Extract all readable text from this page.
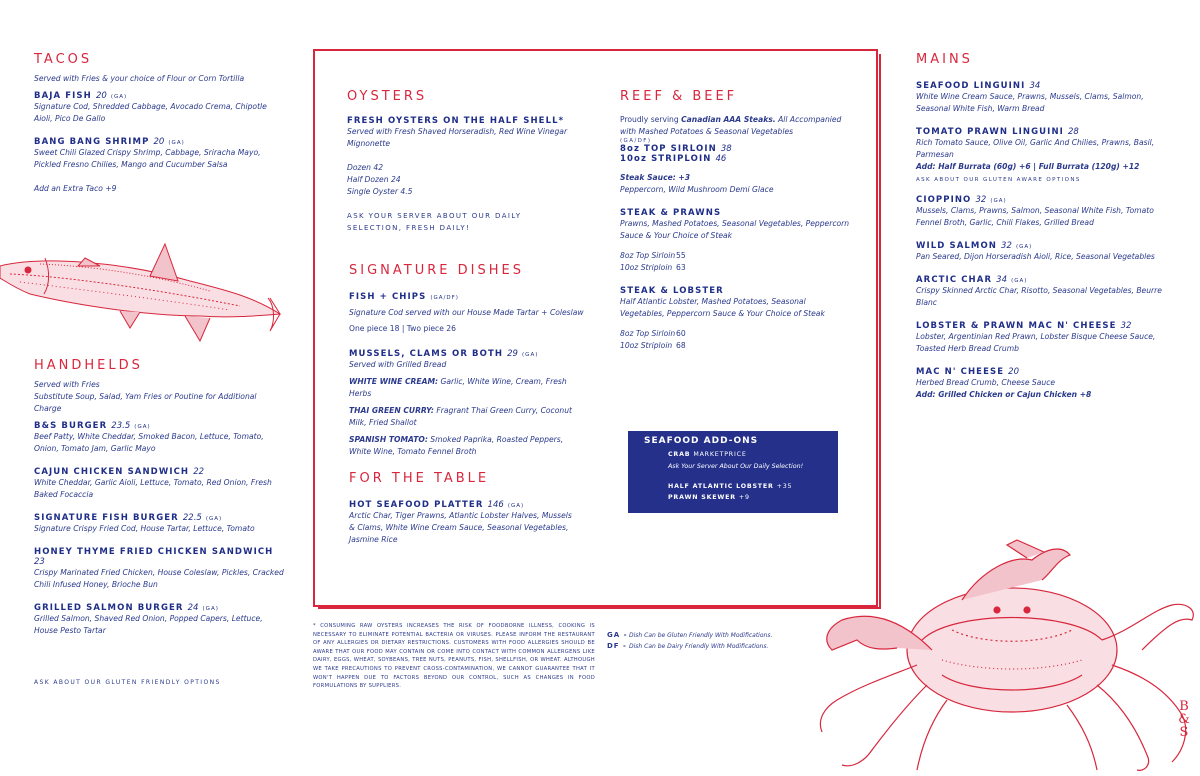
TACOS
Served with Fries & your choice of Flour or Corn Tortilla
BAJA FISH 20 (GA)
Signature Cod, Shredded Cabbage, Avocado Crema, Chipotle Aioli, Pico De Gallo
BANG BANG SHRIMP 20 (GA)
Sweet Chili Glazed Crispy Shrimp, Cabbage, Sriracha Mayo, Pickled Fresno Chilies, Mango and Cucumber Salsa
Add an Extra Taco +9
HANDHELDS
Served with Fries
Substitute Soup, Salad, Yam Fries or Poutine for Additional Charge
B&S BURGER 23.5 (GA)
Beef Patty, White Cheddar, Smoked Bacon, Lettuce, Tomato, Onion, Tomato Jam, Garlic Mayo
CAJUN CHICKEN SANDWICH 22
White Cheddar, Garlic Aioli, Lettuce, Tomato, Red Onion, Fresh Baked Focaccia
SIGNATURE FISH BURGER 22.5 (GA)
Signature Crispy Fried Cod, House Tartar, Lettuce, Tomato
HONEY THYME FRIED CHICKEN SANDWICH 23
Crispy Marinated Fried Chicken, House Coleslaw, Pickles, Cracked Chili Infused Honey, Brioche Bun
GRILLED SALMON BURGER 24 (GA)
Grilled Salmon, Shaved Red Onion, Popped Capers, Lettuce, House Pesto Tartar
ASK ABOUT OUR GLUTEN FRIENDLY OPTIONS
OYSTERS
FRESH OYSTERS ON THE HALF SHELL*
Served with Fresh Shaved Horseradish, Red Wine Vinegar Mignonette
Dozen 42
Half Dozen 24
Single Oyster 4.5
ASK YOUR SERVER ABOUT OUR DAILY SELECTION, FRESH DAILY!
SIGNATURE DISHES
FISH + CHIPS (GA/DF)
Signature Cod served with our House Made Tartar + Coleslaw
One piece 18 | Two piece 26
MUSSELS, CLAMS OR BOTH 29 (GA)
Served with Grilled Bread
WHITE WINE CREAM: Garlic, White Wine, Cream, Fresh Herbs
THAI GREEN CURRY: Fragrant Thai Green Curry, Coconut Milk, Fried Shallot
SPANISH TOMATO: Smoked Paprika, Roasted Peppers, White Wine, Tomato Fennel Broth
FOR THE TABLE
HOT SEAFOOD PLATTER 146 (GA)
Arctic Char, Tiger Prawns, Atlantic Lobster Halves, Mussels & Clams, White Wine Cream Sauce, Seasonal Vegetables, Jasmine Rice
REEF & BEEF
Proudly serving Canadian AAA Steaks. All Accompanied with Mashed Potatoes & Seasonal Vegetables
(GA/DF)
8oz TOP SIRLOIN 38
10oz STRIPLOIN 46
Steak Sauce: +3
Peppercorn, Wild Mushroom Demi Glace
STEAK & PRAWNS
Prawns, Mashed Potatoes, Seasonal Vegetables, Peppercorn Sauce & Your Choice of Steak
8oz Top Sirloin55
10oz Striploin 63
STEAK & LOBSTER
Half Atlantic Lobster, Mashed Potatoes, Seasonal Vegetables, Peppercorn Sauce & Your Choice of Steak
8oz Top Sirloin60
10oz Striploin 68
SEAFOOD ADD-ONS
CRAB MARKETPRICE
Ask Your Server About Our Daily Selection!
HALF ATLANTIC LOBSTER +35
PRAWN SKEWER +9
* CONSUMING RAW OYSTERS INCREASES THE RISK OF FOODBORNE ILLNESS, COOKING IS NECESSARY TO ELIMINATE POTENTIAL BACTERIA OR VIRUSES. PLEASE INFORM THE RESTAURANT OF ANY ALLERGIES OR DIETARY RESTRICTIONS. CUSTOMERS WITH FOOD ALLERGIES SHOULD BE AWARE THAT OUR FOOD MAY CONTAIN OR COME INTO CONTACT WITH COMMON ALLERGENS LIKE DAIRY, EGGS, WHEAT, SOYBEANS, TREE NUTS, PEANUTS, FISH, SHELLFISH, OR WHEAT. ALTHOUGH WE TAKE PRECAUTIONS TO PREVENT CROSS-CONTAMINATION, WE CANNOT GUARANTEE THAT IT WON'T HAPPEN DUE TO FACTORS BEYOND OUR CONTROL, SUCH AS CHANGES IN FOOD FORMULATIONS BY SUPPLIERS.
GA - Dish Can be Gluten Friendly With Modifications.
DF - Dish Can be Dairy Friendly With Modifications.
MAINS
SEAFOOD LINGUINI 34
White Wine Cream Sauce, Prawns, Mussels, Clams, Salmon, Seasonal White Fish, Warm Bread
TOMATO PRAWN LINGUINI 28
Rich Tomato Sauce, Olive Oil, Garlic And Chilies, Prawns, Basil, Parmesan
Add: Half Burrata (60g) +6 | Full Burrata (120g) +12
ASK ABOUT OUR GLUTEN AWARE OPTIONS
CIOPPINO 32 (GA)
Mussels, Clams, Prawns, Salmon, Seasonal White Fish, Tomato Fennel Broth, Garlic, Chili Flakes, Grilled Bread
WILD SALMON 32 (GA)
Pan Seared, Dijon Horseradish Aioli, Rice, Seasonal Vegetables
ARCTIC CHAR 34 (GA)
Crispy Skinned Arctic Char, Risotto, Seasonal Vegetables, Beurre Blanc
LOBSTER & PRAWN MAC N' CHEESE 32
Lobster, Argentinian Red Prawn, Lobster Bisque Cheese Sauce, Toasted Herb Bread Crumb
MAC N' CHEESE 20
Herbed Bread Crumb, Cheese Sauce
Add: Grilled Chicken or Cajun Chicken +8
B&S
